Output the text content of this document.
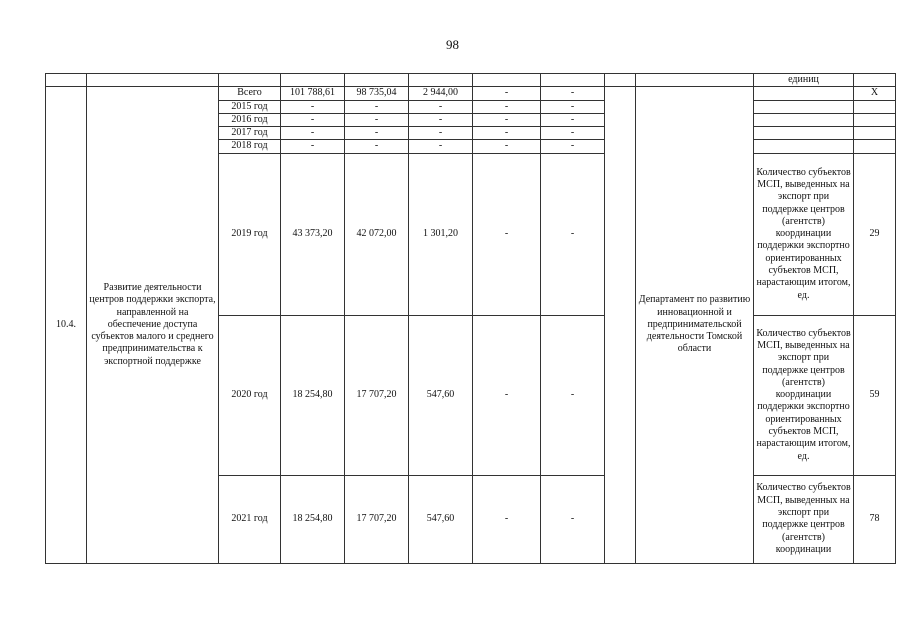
98
										единиц	
10.4.	Развитие деятельности центров поддержки экспорта, направленной на обеспечение доступа субъектов малого и среднего предпринимательства к экспортной поддержке	Всего	101 788,61	98 735,04	2 944,00	-	-		Департамент по развитию инновационной и предпринимательской деятельности Томской области		Х
		2015 год	-	-	-	-	-				
		2016 год	-	-	-	-	-				
		2017 год	-	-	-	-	-				
		2018 год	-	-	-	-	-				
		2019 год	43 373,20	42 072,00	1 301,20	-	-			Количество субъектов МСП, выведенных на экспорт при поддержке центров (агентств) координации поддержки экспортно ориентированных субъектов МСП, нарастающим итогом, ед.	29
		2020 год	18 254,80	17 707,20	547,60	-	-			Количество субъектов МСП, выведенных на экспорт при поддержке центров (агентств) координации поддержки экспортно ориентированных субъектов МСП, нарастающим итогом, ед.	59
		2021 год	18 254,80	17 707,20	547,60	-	-			Количество субъектов МСП, выведенных на экспорт при поддержке центров (агентств) координации	78
